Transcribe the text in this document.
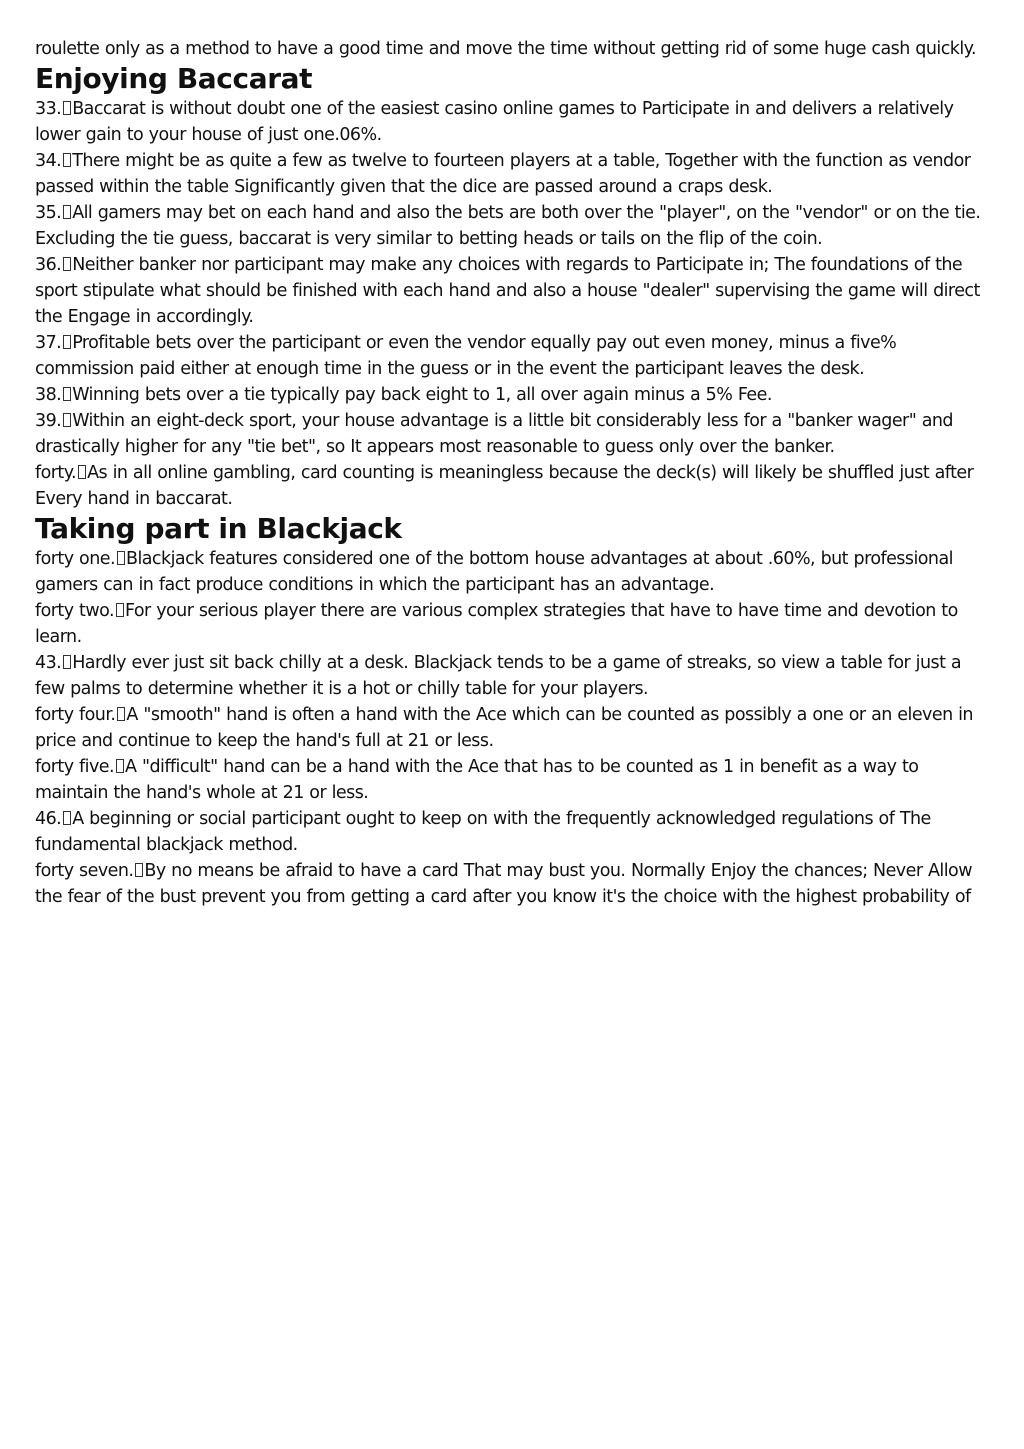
roulette only as a method to have a good time and move the time without getting rid of some huge cash quickly.

Enjoying Baccarat

33. Baccarat is without doubt one of the easiest casino online games to Participate in and delivers a relatively lower gain to your house of just one.06%.

34. There might be as quite a few as twelve to fourteen players at a table, Together with the function as vendor passed within the table Significantly given that the dice are passed around a craps desk.

35. All gamers may bet on each hand and also the bets are both over the "player", on the "vendor" or on the tie. Excluding the tie guess, baccarat is very similar to betting heads or tails on the flip of the coin.

36. Neither banker nor participant may make any choices with regards to Participate in; The foundations of the sport stipulate what should be finished with each hand and also a house "dealer" supervising the game will direct the Engage in accordingly.

37. Profitable bets over the participant or even the vendor equally pay out even money, minus a five% commission paid either at enough time in the guess or in the event the participant leaves the desk.

38. Winning bets over a tie typically pay back eight to 1, all over again minus a 5% Fee.

39. Within an eight-deck sport, your house advantage is a little bit considerably less for a "banker wager" and drastically higher for any "tie bet", so It appears most reasonable to guess only over the banker.

forty. As in all online gambling, card counting is meaningless because the deck(s) will likely be shuffled just after Every hand in baccarat.

Taking part in Blackjack

forty one. Blackjack features considered one of the bottom house advantages at about .60%, but professional gamers can in fact produce conditions in which the participant has an advantage.

forty two. For your serious player there are various complex strategies that have to have time and devotion to learn.

43. Hardly ever just sit back chilly at a desk. Blackjack tends to be a game of streaks, so view a table for just a few palms to determine whether it is a hot or chilly table for your players.

forty four. A "smooth" hand is often a hand with the Ace which can be counted as possibly a one or an eleven in price and continue to keep the hand's full at 21 or less.

forty five. A "difficult" hand can be a hand with the Ace that has to be counted as 1 in benefit as a way to maintain the hand's whole at 21 or less.

46. A beginning or social participant ought to keep on with the frequently acknowledged regulations of The fundamental blackjack method.

forty seven. By no means be afraid to have a card That may bust you. Normally Enjoy the chances; Never Allow the fear of the bust prevent you from getting a card after you know it's the choice with the highest probability of
